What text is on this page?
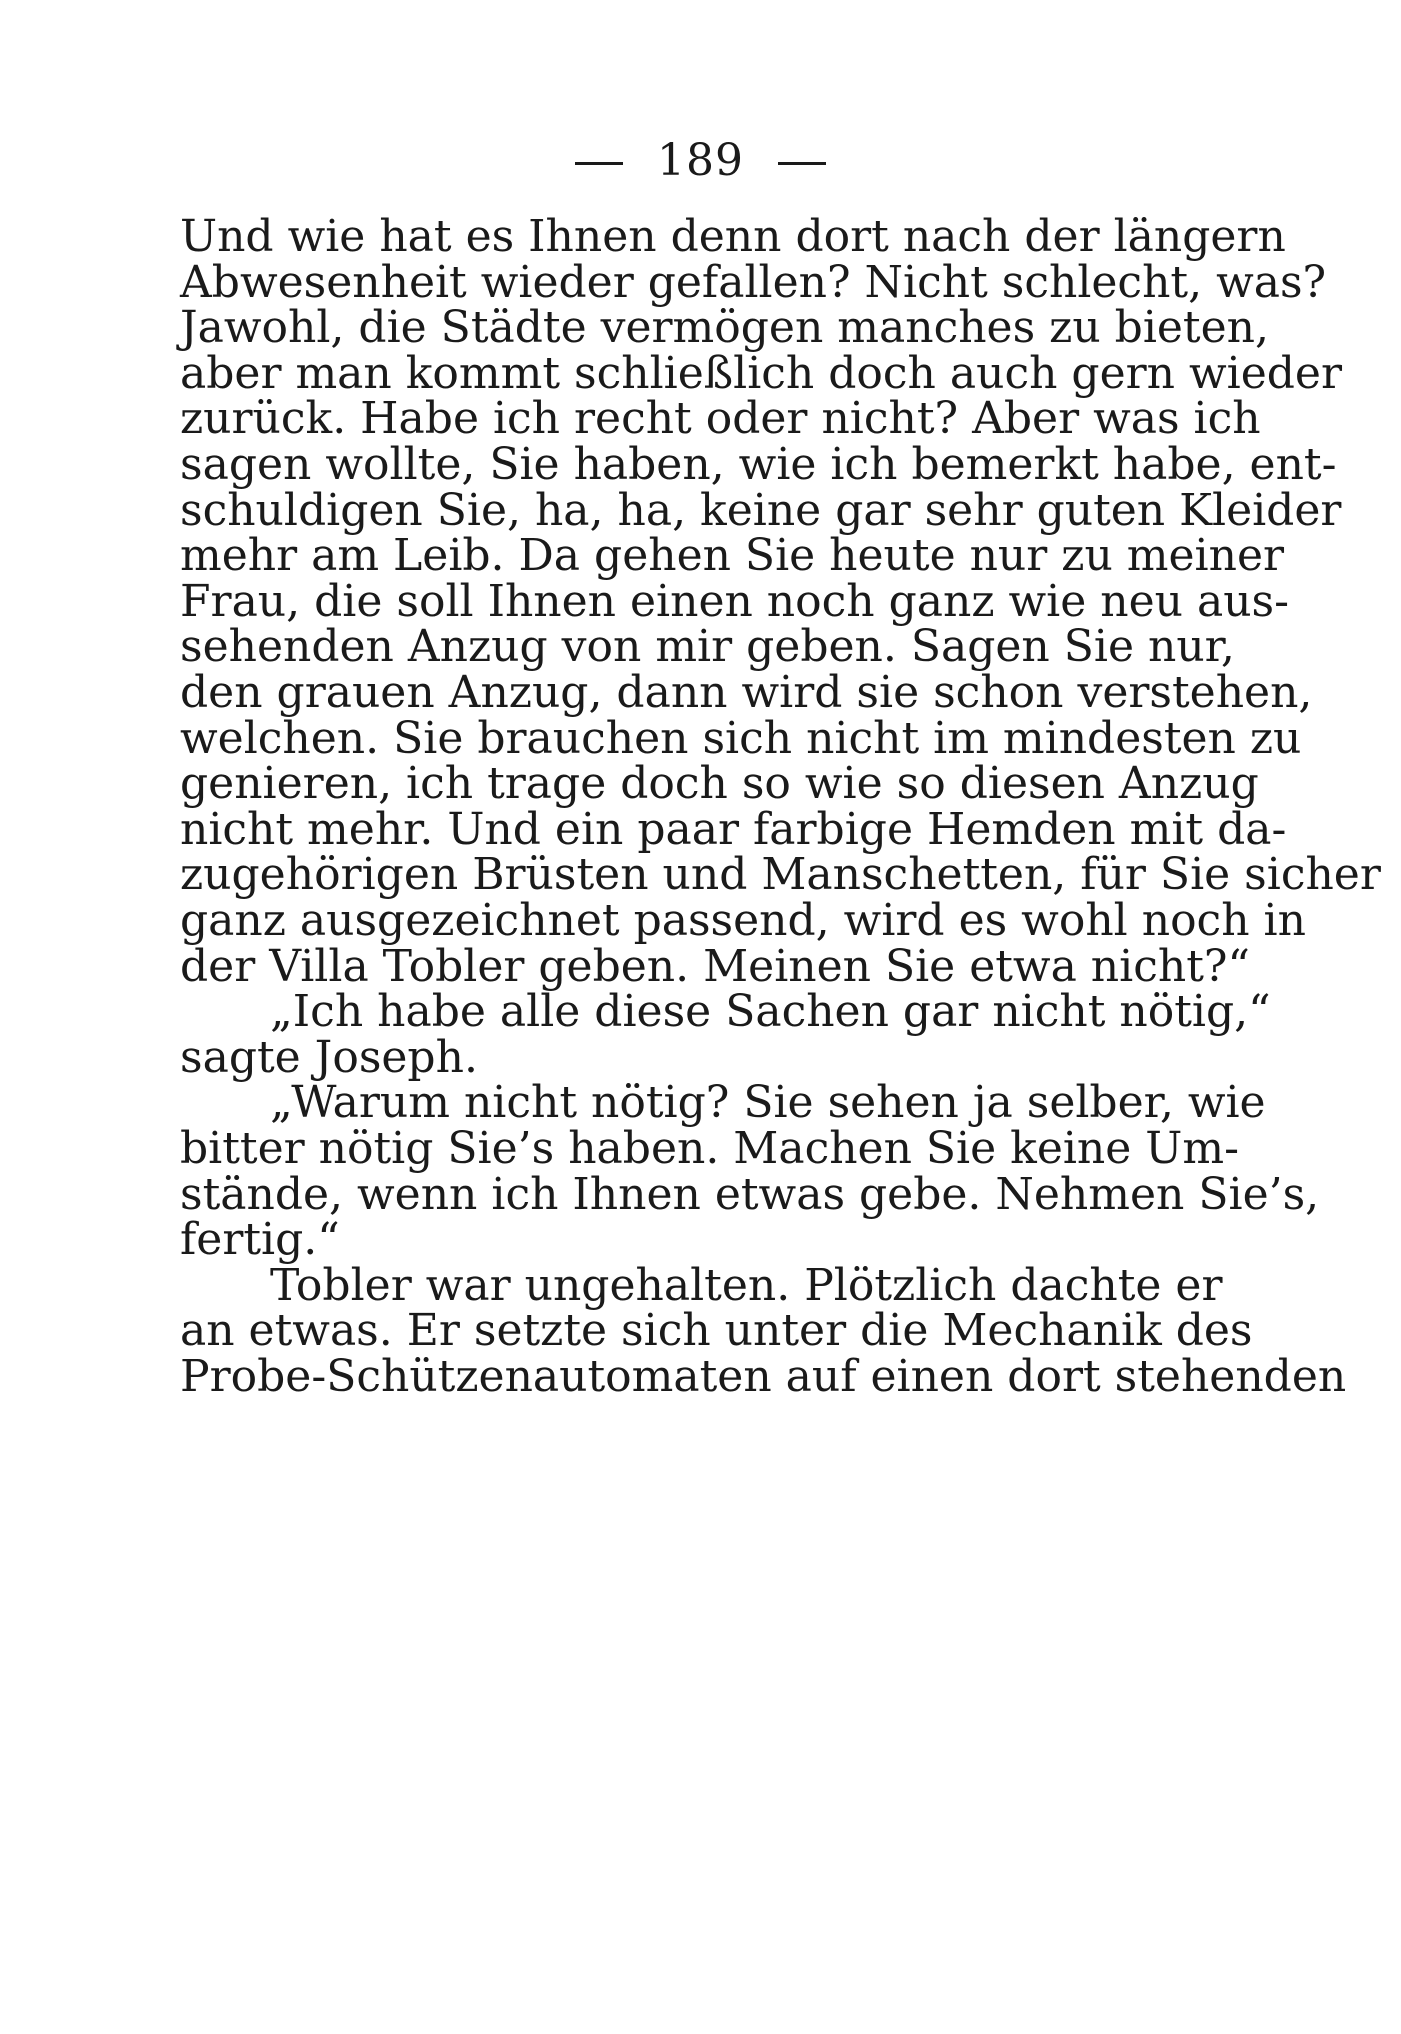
189
Und wie hat es Ihnen denn dort nach der längern
Abwesenheit wieder gefallen? Nicht schlecht, was?
Jawohl, die Städte vermögen manches zu bieten,
aber man kommt schließlich doch auch gern wieder
zurück. Habe ich recht oder nicht? Aber was ich
sagen wollte, Sie haben, wie ich bemerkt habe, ent-
schuldigen Sie, ha, ha, keine gar sehr guten Kleider
mehr am Leib. Da gehen Sie heute nur zu meiner
Frau, die soll Ihnen einen noch ganz wie neu aus-
sehenden Anzug von mir geben. Sagen Sie nur,
den grauen Anzug, dann wird sie schon verstehen,
welchen. Sie brauchen sich nicht im mindesten zu
genieren, ich trage doch so wie so diesen Anzug
nicht mehr. Und ein paar farbige Hemden mit da-
zugehörigen Brüsten und Manschetten, für Sie sicher
ganz ausgezeichnet passend, wird es wohl noch in
der Villa Tobler geben. Meinen Sie etwa nicht?“
„Ich habe alle diese Sachen gar nicht nötig,“
sagte Joseph.
„Warum nicht nötig? Sie sehen ja selber, wie
bitter nötig Sie’s haben. Machen Sie keine Um-
stände, wenn ich Ihnen etwas gebe. Nehmen Sie’s,
fertig.“
Tobler war ungehalten. Plötzlich dachte er
an etwas. Er setzte sich unter die Mechanik des
Probe-Schützenautomaten auf einen dort stehenden
